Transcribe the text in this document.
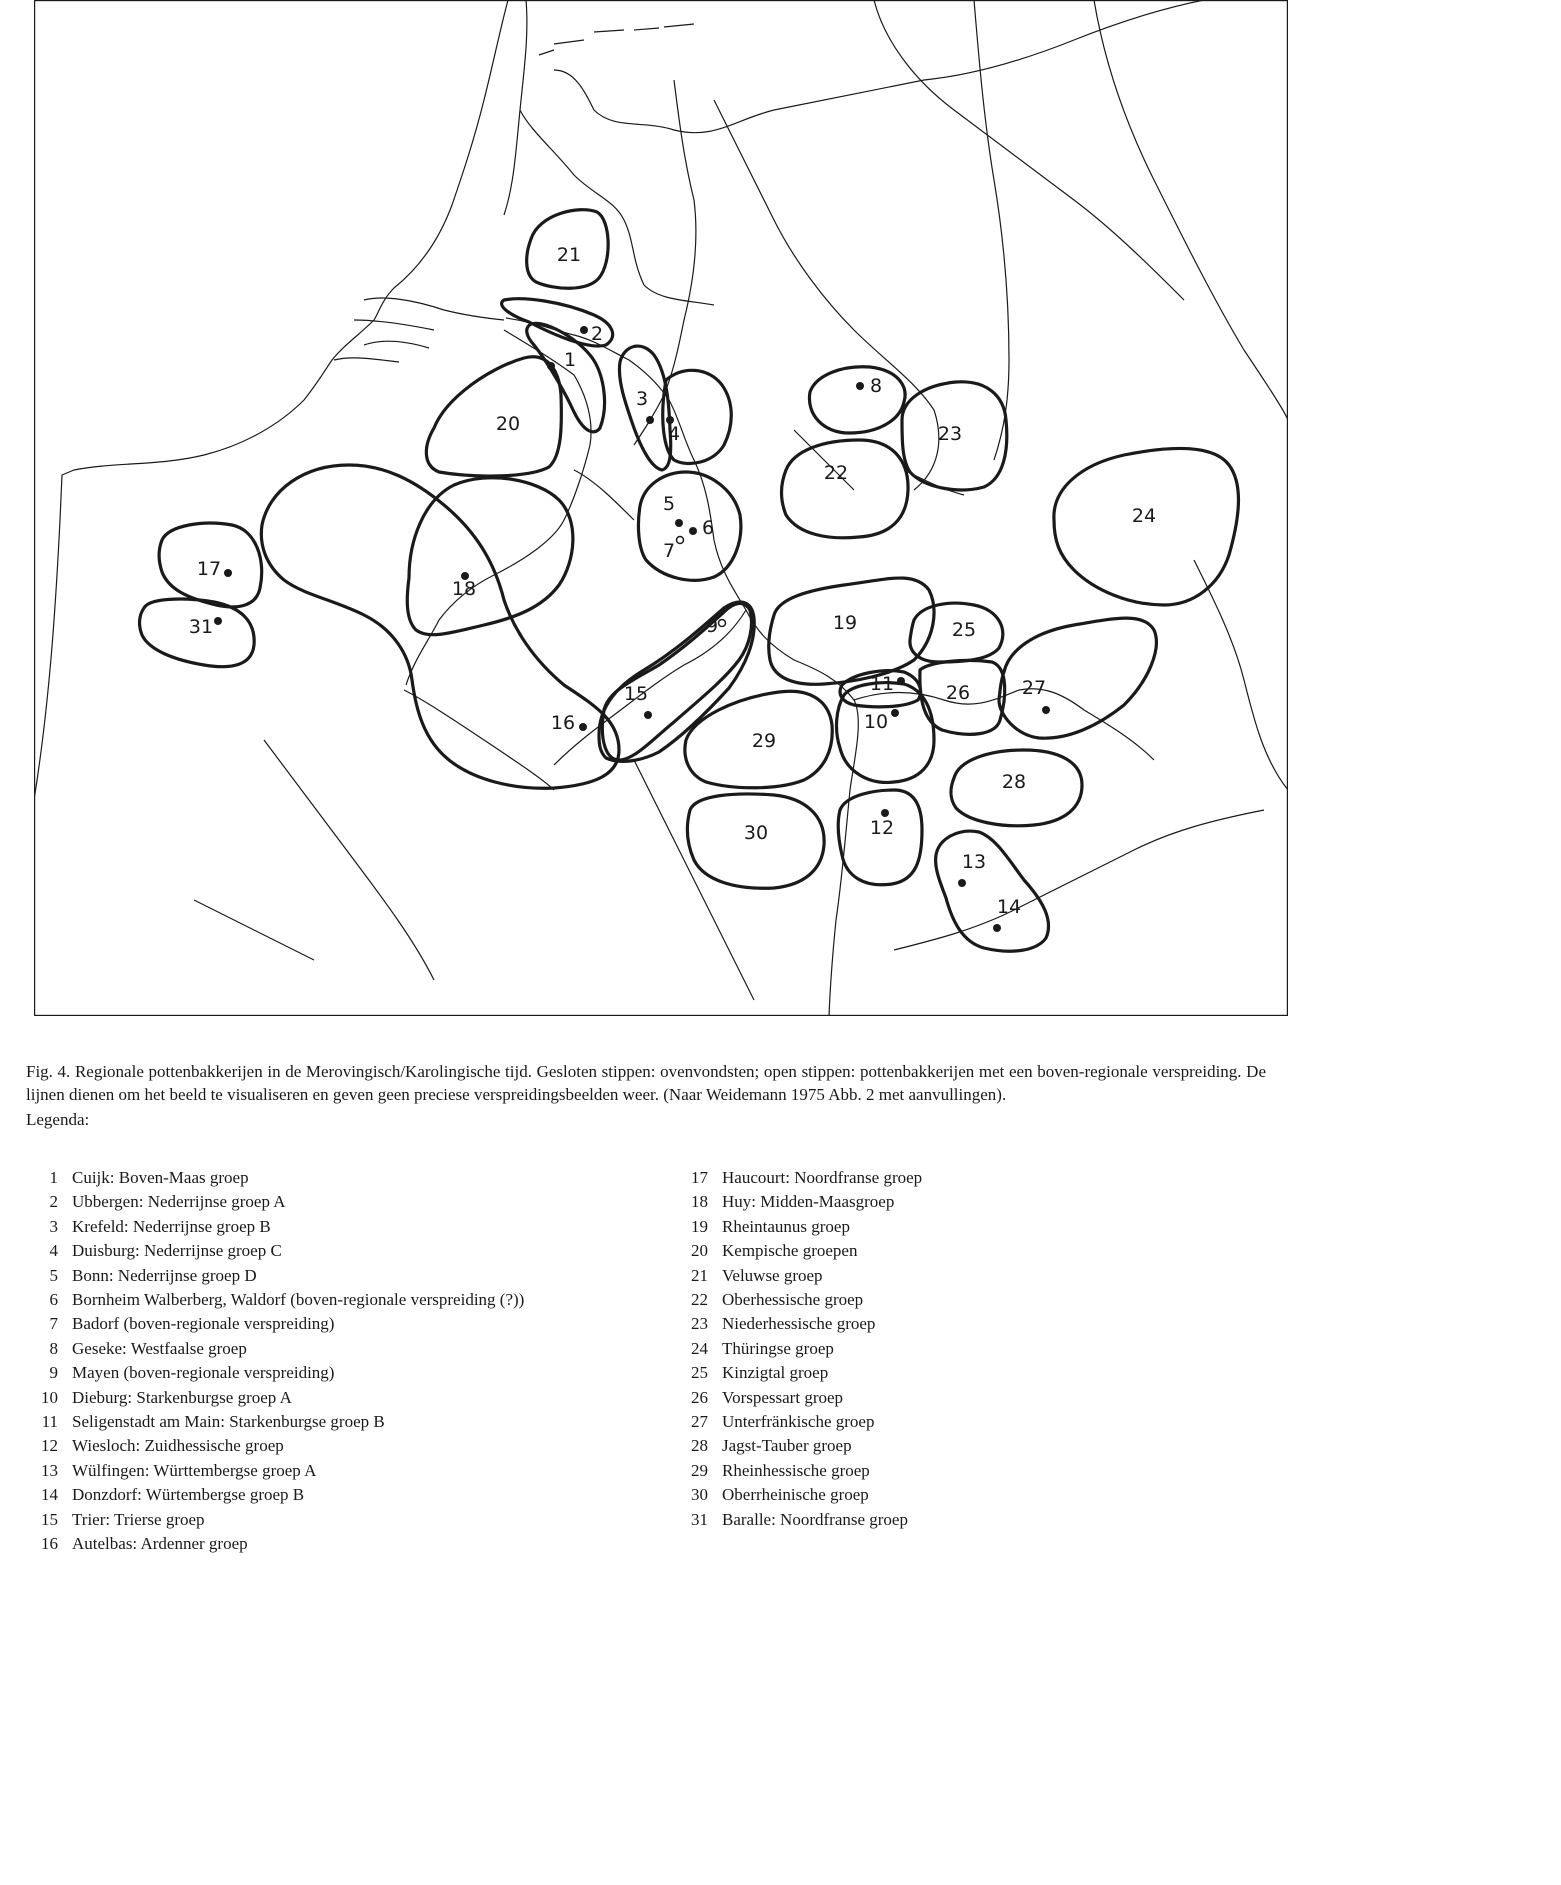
1
2
3
4
5
6
7
8
9
10
11
12
13
14
15
16
17
18
19
20
21
22
23
24
25
26	27
28
29
30
31

Fig. 4. Regionale pottenbakkerijen in de Merovingisch/Karolingische tijd. Gesloten stippen: ovenvondsten; open stippen: pottenbakkerijen met een boven-regionale verspreiding. De lijnen dienen om het beeld te visualiseren en geven geen preciese verspreidingsbeelden weer. (Naar Weidemann 1975 Abb. 2 met aanvullingen).

Legenda:

1 Cuijk: Boven-Maas groep
2 Ubbergen: Nederrijnse groep A
3 Krefeld: Nederrijnse groep B
4 Duisburg: Nederrijnse groep C
5 Bonn: Nederrijnse groep D
6 Bornheim Walberberg, Waldorf (boven-regionale verspreiding (?))
7 Badorf (boven-regionale verspreiding)
8 Geseke: Westfaalse groep
9 Mayen (boven-regionale verspreiding)
10 Dieburg: Starkenburgse groep A
11 Seligenstadt am Main: Starkenburgse groep B
12 Wiesloch: Zuidhessische groep
13 Wülfingen: Württembergse groep A
14 Donzdorf: Würtembergse groep B
15 Trier: Trierse groep
16 Autelbas: Ardenner groep
17 Haucourt: Noordfranse groep
18 Huy: Midden-Maasgroep
19 Rheintaunus groep
20 Kempische groepen
21 Veluwse groep
22 Oberhessische groep
23 Niederhessische groep
24 Thüringse groep
25 Kinzigtal groep
26 Vorspessart groep
27 Unterfränkische groep
28 Jagst-Tauber groep
29 Rheinhessische groep
30 Oberrheinische groep
31 Baralle: Noordfranse groep
